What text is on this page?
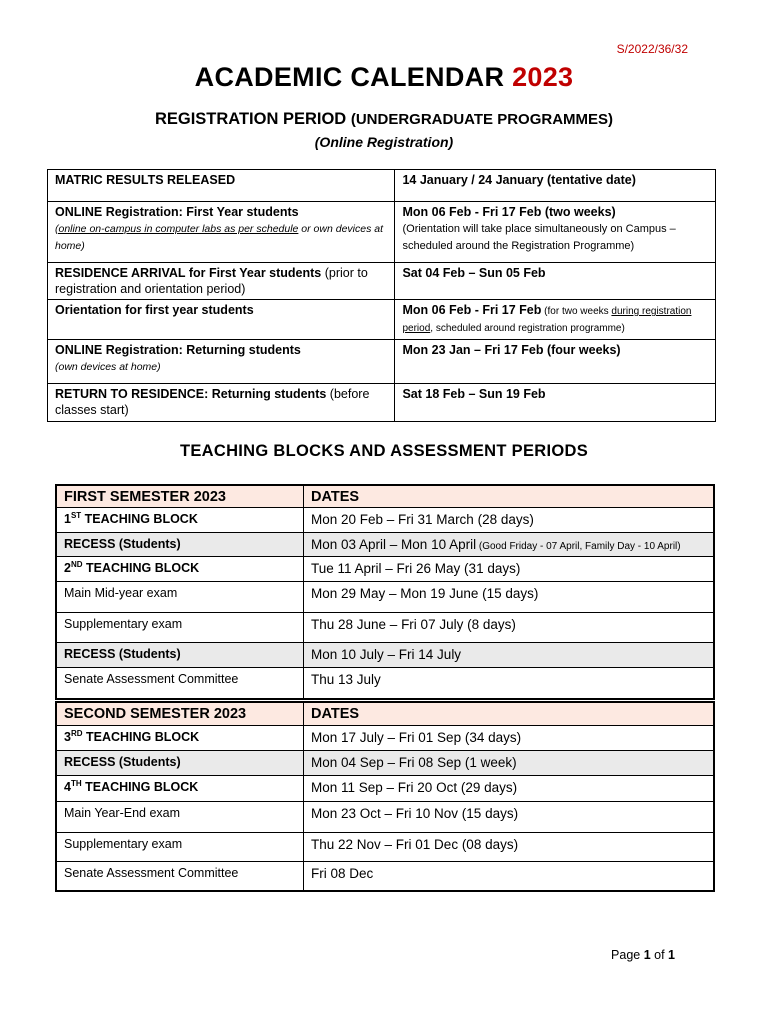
S/2022/36/32
ACADEMIC CALENDAR 2023
REGISTRATION PERIOD (UNDERGRADUATE PROGRAMMES)
(Online Registration)
MATRIC RESULTS RELEASED	14 January / 24 January (tentative date)
ONLINE Registration: First Year students
(online on-campus in computer labs as per schedule or own devices at home)	Mon 06 Feb - Fri 17 Feb (two weeks)
(Orientation will take place simultaneously on Campus – scheduled around the Registration Programme)
RESIDENCE ARRIVAL for First Year students (prior to registration and orientation period)	Sat 04 Feb – Sun 05 Feb
Orientation for first year students	Mon 06 Feb - Fri 17 Feb (for two weeks during registration period, scheduled around registration programme)
ONLINE Registration: Returning students
(own devices at home)	Mon 23 Jan – Fri 17 Feb (four weeks)
RETURN TO RESIDENCE: Returning students (before classes start)	Sat 18 Feb – Sun 19 Feb
TEACHING BLOCKS AND ASSESSMENT PERIODS
FIRST SEMESTER 2023	DATES
1ST TEACHING BLOCK	Mon 20 Feb – Fri 31 March (28 days)
RECESS (Students)	Mon 03 April – Mon 10 April (Good Friday - 07 April, Family Day - 10 April)
2ND TEACHING BLOCK	Tue 11 April – Fri 26 May (31 days)
Main Mid-year exam	Mon 29 May – Mon 19 June (15 days)
Supplementary exam	Thu 28 June – Fri 07 July (8 days)
RECESS (Students)	Mon 10 July – Fri 14 July
Senate Assessment Committee	Thu 13 July
SECOND SEMESTER 2023	DATES
3RD TEACHING BLOCK	Mon 17 July – Fri 01 Sep (34 days)
RECESS (Students)	Mon 04 Sep – Fri 08 Sep (1 week)
4TH TEACHING BLOCK	Mon 11 Sep – Fri 20 Oct (29 days)
Main Year-End exam	Mon 23 Oct – Fri 10 Nov (15 days)
Supplementary exam	Thu 22 Nov – Fri 01 Dec (08 days)
Senate Assessment Committee	Fri 08 Dec
Page 1 of 1
